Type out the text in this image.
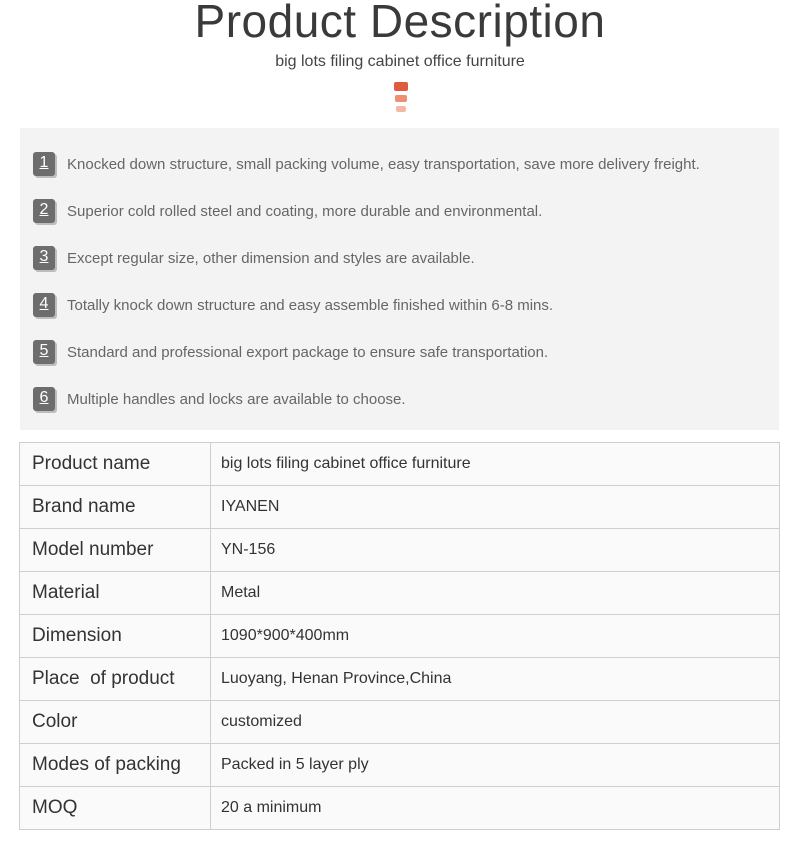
Product Description
big lots filing cabinet office furniture
1	Knocked down structure, small packing volume, easy transportation, save more delivery freight.
2	Superior cold rolled steel and coating, more durable and environmental.
3	Except regular size, other dimension and styles are available.
4	Totally knock down structure and easy assemble finished within 6-8 mins.
5	Standard and professional export package to ensure safe transportation.
6	Multiple handles and locks are available to choose.
Product name	big lots filing cabinet office furniture
Brand name	IYANEN
Model number	YN-156
Material	Metal
Dimension	1090*900*400mm
Place  of product	Luoyang, Henan Province,China
Color	customized
Modes of packing	Packed in 5 layer ply
MOQ	20 a minimum
